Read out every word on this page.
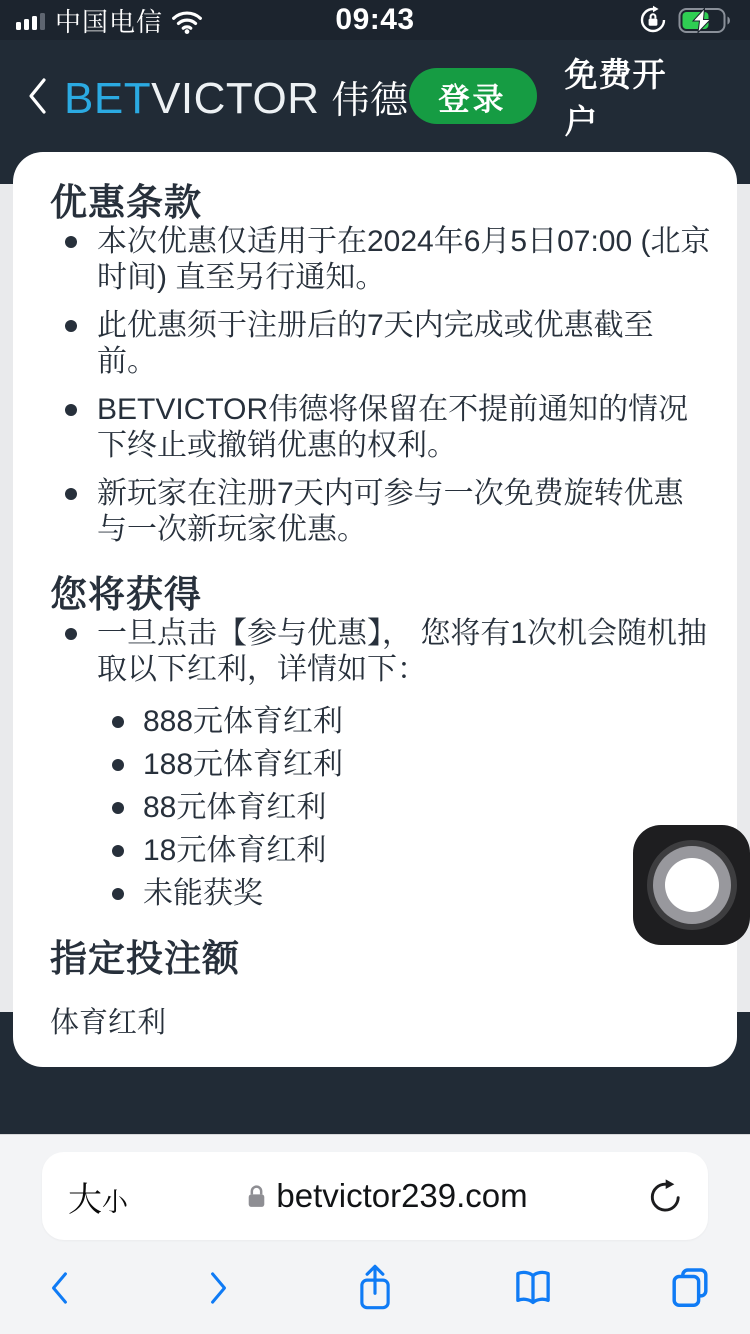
中国电信	09:43
BET VICTOR 伟德 登录
免费开户
优惠条款
本次优惠仅适用于在2024年6月5日07:00 (北京时间) 直至另行通知。
此优惠须于注册后的7天内完成或优惠截至前。
BETVICTOR伟德将保留在不提前通知的情况下终止或撤销优惠的权利。
新玩家在注册7天内可参与一次免费旋转优惠与一次新玩家优惠。
您将获得
一旦点击【参与优惠】， 您将有1次机会随机抽取以下红利，详情如下：
888元体育红利
188元体育红利
88元体育红利
18元体育红利
未能获奖
指定投注额

体育红利

大 小	betvictor239.com
